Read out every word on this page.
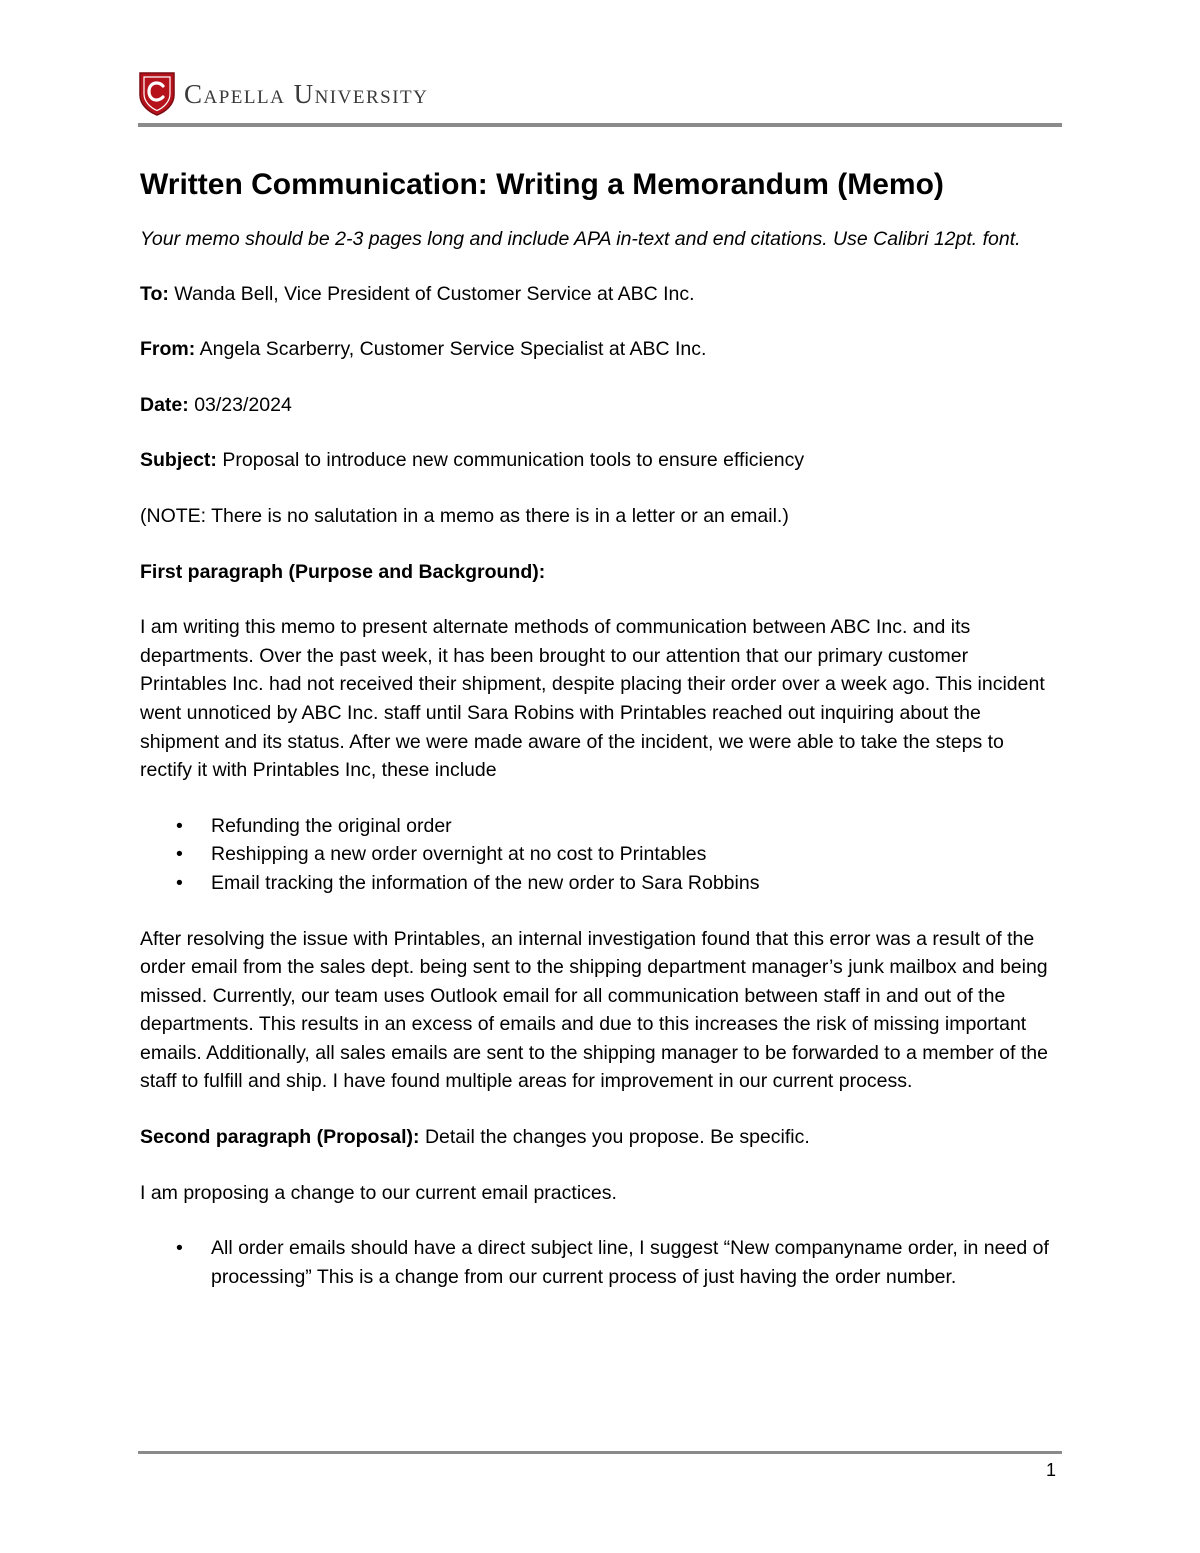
Capella University
Written Communication: Writing a Memorandum (Memo)

Your memo should be 2-3 pages long and include APA in-text and end citations. Use Calibri 12pt. font.

To: Wanda Bell, Vice President of Customer Service at ABC Inc.

From: Angela Scarberry, Customer Service Specialist at ABC Inc.

Date: 03/23/2024

Subject: Proposal to introduce new communication tools to ensure efficiency

(NOTE: There is no salutation in a memo as there is in a letter or an email.)

First paragraph (Purpose and Background):

I am writing this memo to present alternate methods of communication between ABC Inc. and its departments. Over the past week, it has been brought to our attention that our primary customer Printables Inc. had not received their shipment, despite placing their order over a week ago. This incident went unnoticed by ABC Inc. staff until Sara Robins with Printables reached out inquiring about the shipment and its status. After we were made aware of the incident, we were able to take the steps to rectify it with Printables Inc, these include

• Refunding the original order
• Reshipping a new order overnight at no cost to Printables
• Email tracking the information of the new order to Sara Robbins

After resolving the issue with Printables, an internal investigation found that this error was a result of the order email from the sales dept. being sent to the shipping department manager’s junk mailbox and being missed. Currently, our team uses Outlook email for all communication between staff in and out of the departments. This results in an excess of emails and due to this increases the risk of missing important emails. Additionally, all sales emails are sent to the shipping manager to be forwarded to a member of the staff to fulfill and ship. I have found multiple areas for improvement in our current process.

Second paragraph (Proposal): Detail the changes you propose. Be specific.

I am proposing a change to our current email practices.

• All order emails should have a direct subject line, I suggest “New companyname order, in need of processing” This is a change from our current process of just having the order number.
1
